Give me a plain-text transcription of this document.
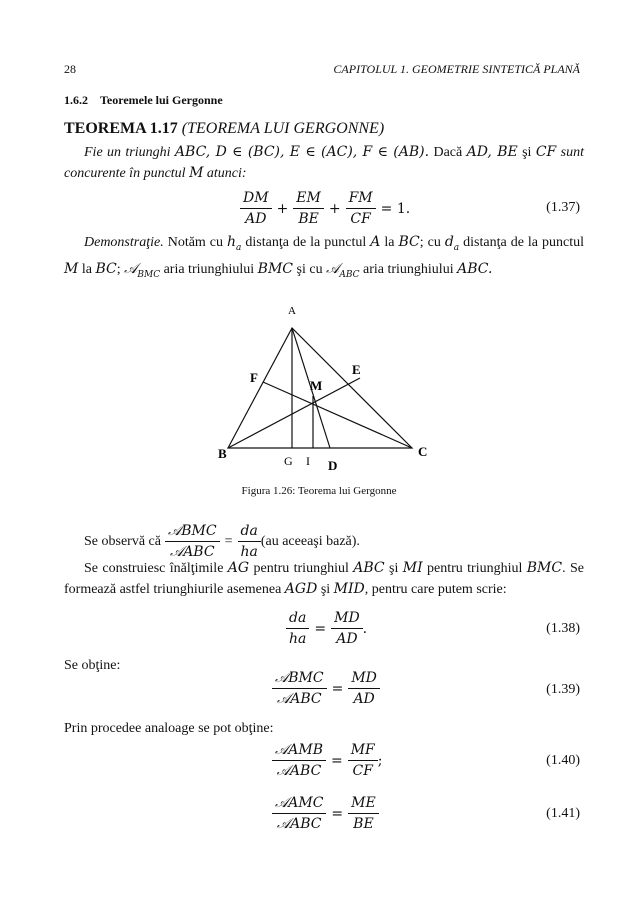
28	CAPITOLUL 1. GEOMETRIE SINTETICĂ PLANĂ
1.6.2 Teoremele lui Gergonne
TEOREMA 1.17 (TEOREMA LUI GERGONNE)
Fie un triunghi ABC, D ∈ (BC), E ∈ (AC), F ∈ (AB). Dacă AD, BE şi CF sunt concurente în punctul M atunci:
$\frac{DM}{AD} + \frac{EM}{BE} + \frac{FM}{CF} = 1$.	(1.37)
Demonstraţie. Notăm cu $h_a$ distanţa de la punctul A la BC; cu $d_a$ distanţa de la punctul M la BC; 𝒜$_{BMC}$ aria triunghiului BMC şi cu 𝒜$_{ABC}$ aria triunghiului ABC.
A
B	C
D
E
F
M
G I
Figura 1.26: Teorema lui Gergonne
Se observă că $\frac{\text{𝒜BMC}}{\text{𝒜ABC}} = \frac{da}{ha} (au$ aceeaşi bază).
Se construiesc înălţimile AG pentru triunghiul ABC şi MI pentru triunghiul BMC. Se formează astfel triunghiurile asemenea AGD şi MID, pentru care putem scrie:
$\frac{da}{ha} = \frac{MD}{AD}$ .	(1.38)
Se obţine:
$\frac{\text{𝒜BMC}}{\text{𝒜ABC}} = \frac{MD}{AD}$	(1.39)
Prin procedee analoage se pot obţine:
$\frac{\text{𝒜AMB}}{\text{𝒜ABC}} = \frac{MF}{CF}$ ;	(1.40)
$\frac{\text{𝒜AMC}}{\text{𝒜ABC}} = \frac{ME}{BE}$	(1.41)
